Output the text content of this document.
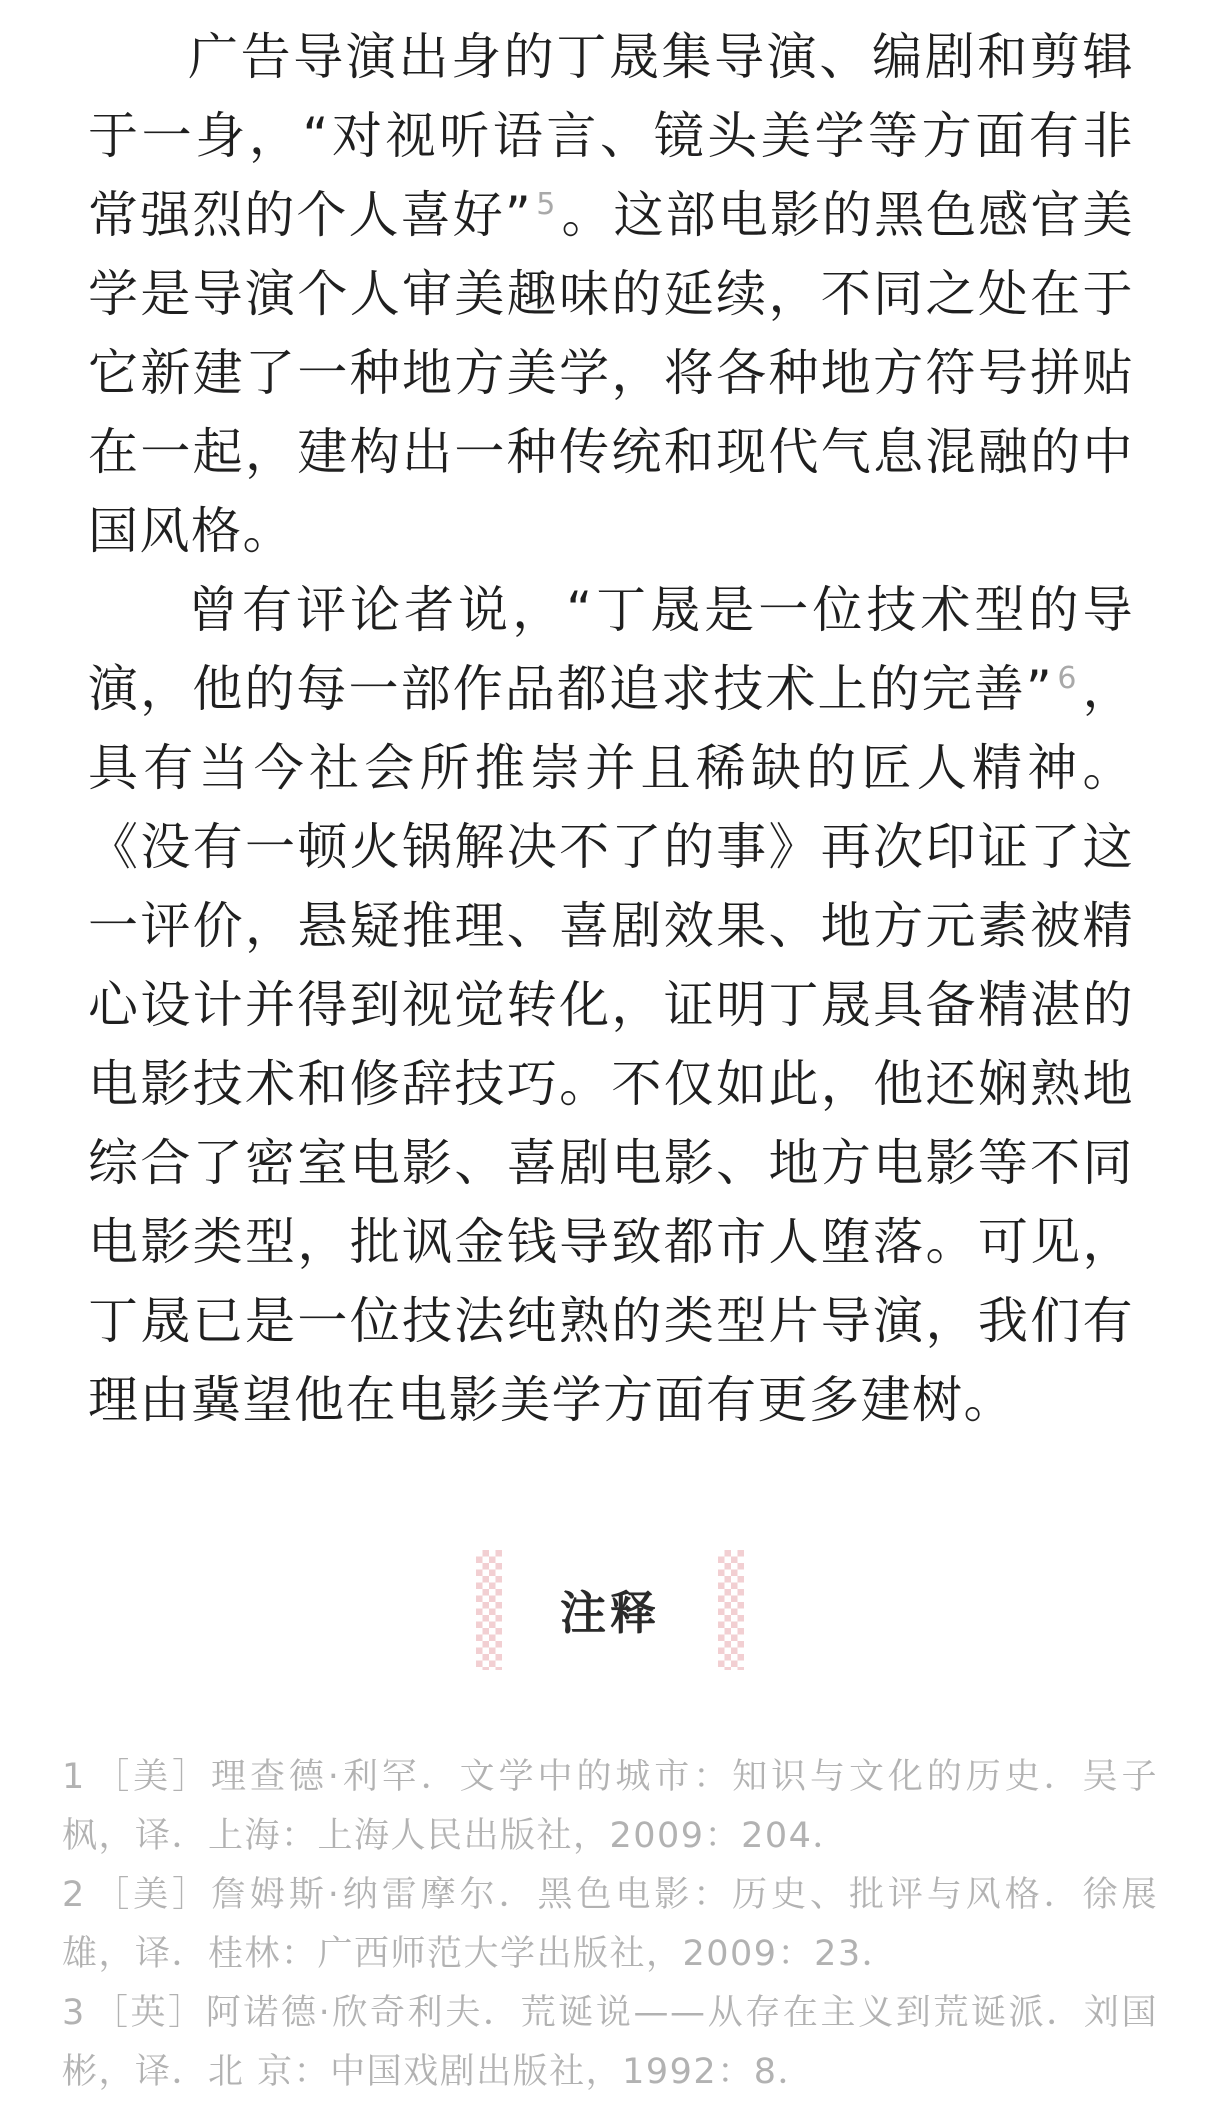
广告导演出身的丁晟集导演、编剧和剪辑于一身，“对视听语言、镜头美学等方面有非常强烈的个人喜好” $^5$。这部电影的黑色感官美学是导演个人审美趣味的延续，不同之处在于它新建了一种地方美学，将各种地方符号拼贴在一起，建构出一种传统和现代气息混融的中国风格。

曾有评论者说，“丁晟是一位技术型的导演，他的每一部作品都追求技术上的完善” $^6$，具有当今社会所推崇并且稀缺的匠人精神。《没有一顿火锅解决不了的事》再次印证了这一评价，悬疑推理、喜剧效果、地方元素被精心设计并得到视觉转化，证明丁晟具备精湛的电影技术和修辞技巧。不仅如此，他还娴熟地综合了密室电影、喜剧电影、地方电影等不同电影类型，批讽金钱导致都市人堕落。可见，丁晟已是一位技法纯熟的类型片导演，我们有理由冀望他在电影美学方面有更多建树。

注释
1 ［美］理查德·利罕．文学中的城市：知识与文化的历史．吴子枫，译．上海：上海人民出版社，2009：204．
2 ［美］詹姆斯·纳雷摩尔．黑色电影：历史、批评与风格．徐展雄，译．桂林：广西师范大学出版社，2009：23．
3 ［英］阿诺德·欣奇利夫．荒诞说——从存在主义到荒诞派．刘国彬，译．北 京：中国戏剧出版社，1992：8．
